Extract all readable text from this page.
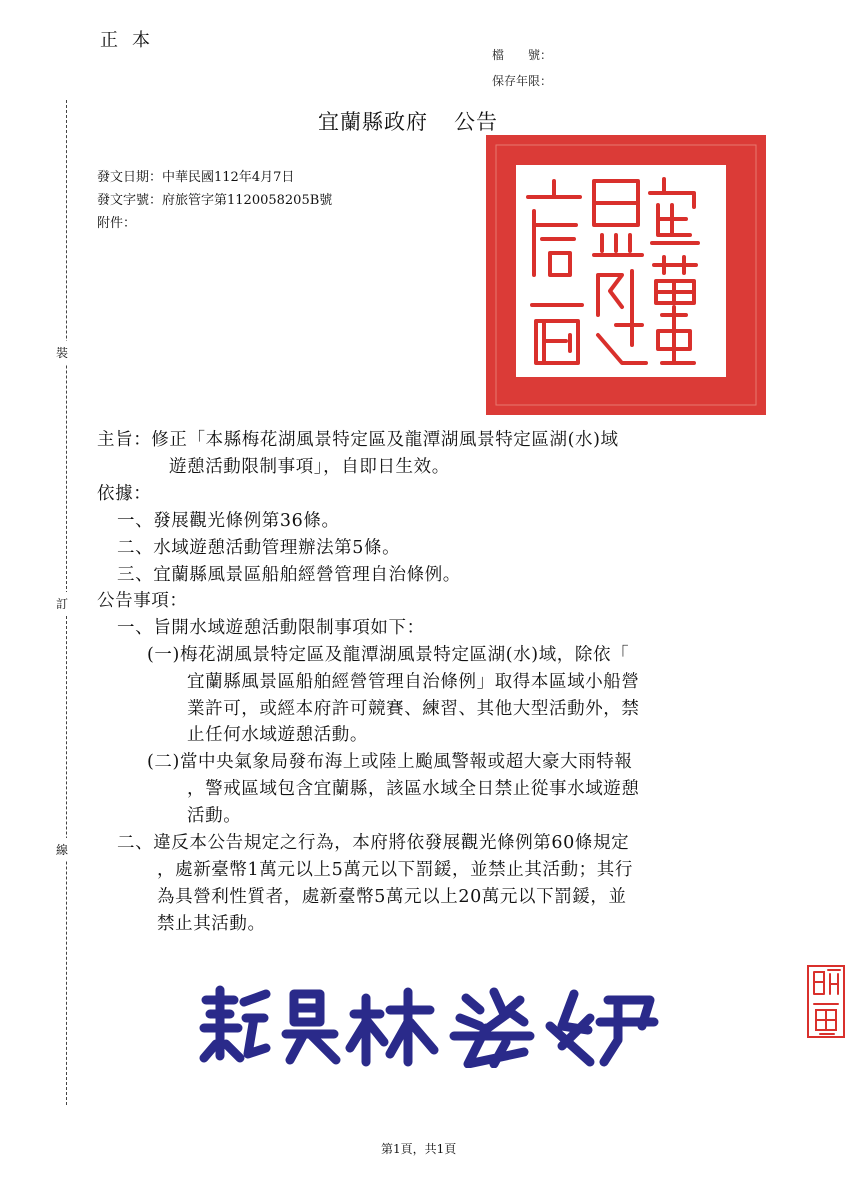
正本
檔　　號：
保存年限：
裝
訂
線
宜蘭縣政府 公告
發文日期：中華民國112年4月7日
發文字號：府旅管字第1120058205B號
附件：
主旨：修正「本縣梅花湖風景特定區及龍潭湖風景特定區湖(水)域
遊憩活動限制事項」，自即日生效。
依據：
一、發展觀光條例第36條。
二、水域遊憩活動管理辦法第5條。
三、宜蘭縣風景區船舶經營管理自治條例。
公告事項：
一、旨開水域遊憩活動限制事項如下：
(一)梅花湖風景特定區及龍潭湖風景特定區湖(水)域，除依「
宜蘭縣風景區船舶經營管理自治條例」取得本區域小船營
業許可，或經本府許可競賽、練習、其他大型活動外，禁
止任何水域遊憩活動。
(二)當中央氣象局發布海上或陸上颱風警報或超大豪大雨特報
，警戒區域包含宜蘭縣，該區水域全日禁止從事水域遊憩
活動。
二、違反本公告規定之行為，本府將依發展觀光條例第60條規定
，處新臺幣1萬元以上5萬元以下罰鍰，並禁止其活動；其行
為具營利性質者，處新臺幣5萬元以上20萬元以下罰鍰，並
禁止其活動。
第1頁，共1頁
